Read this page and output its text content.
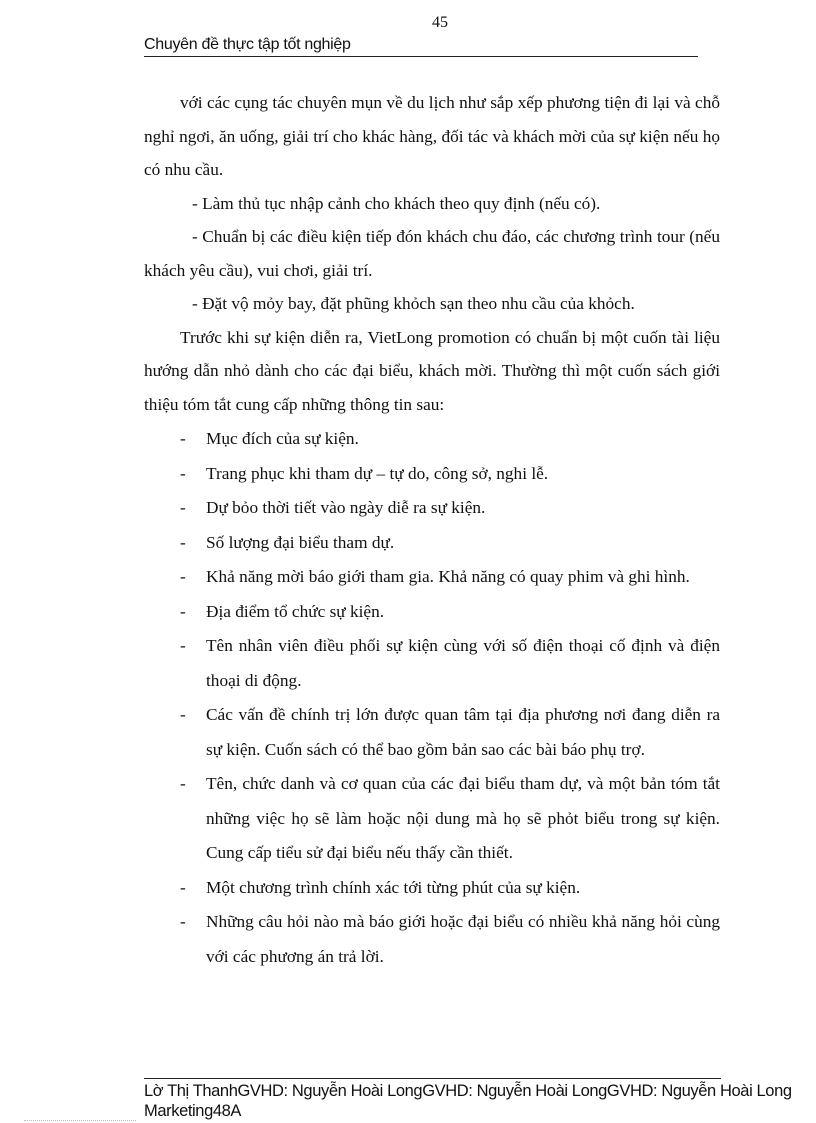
45
Chuyên đề thực tập tốt nghiệp

với các cụng tác chuyên mụn về du lịch như sắp xếp phương tiện đi lại và chỗ nghỉ ngơi, ăn uống, giải trí cho khác hàng, đối tác và khách mời của sự kiện nếu họ có nhu cầu.

- Làm thủ tục nhập cảnh cho khách theo quy định (nếu có).

- Chuẩn bị các điều kiện tiếp đón khách chu đáo, các chương trình tour (nếu khách yêu cầu), vui chơi, giải trí.

- Đặt vộ mỏy bay, đặt phũng khỏch sạn theo nhu cầu của khỏch.

Trước khi sự kiện diễn ra, VietLong promotion có chuẩn bị một cuốn tài liệu hướng dẫn nhỏ dành cho các đại biểu, khách mời. Thường thì một cuốn sách giới thiệu tóm tắt cung cấp những thông tin sau:

- Mục đích của sự kiện.
- Trang phục khi tham dự – tự do, công sở, nghi lễ.
- Dự bỏo thời tiết vào ngày diễ ra sự kiện.
- Số lượng đại biểu tham dự.
- Khả năng mời báo giới tham gia. Khả năng có quay phim và ghi hình.
- Địa điểm tổ chức sự kiện.
- Tên nhân viên điều phối sự kiện cùng với số điện thoại cố định và điện thoại di động.
- Các vấn đề chính trị lớn được quan tâm tại địa phương nơi đang diễn ra sự kiện. Cuốn sách có thể bao gồm bản sao các bài báo phụ trợ.
- Tên, chức danh và cơ quan của các đại biểu tham dự, và một bản tóm tắt những việc họ sẽ làm hoặc nội dung mà họ sẽ phỏt biểu trong sự kiện. Cung cấp tiểu sử đại biểu nếu thấy cần thiết.
- Một chương trình chính xác tới từng phút của sự kiện.
- Những câu hỏi nào mà báo giới hoặc đại biểu có nhiều khả năng hỏi cùng với các phương án trả lời.
Lờ Thị ThanhGVHD: Nguyễn Hoài LongGVHD: Nguyễn Hoài LongGVHD: Nguyễn Hoài Long
Marketing48A
